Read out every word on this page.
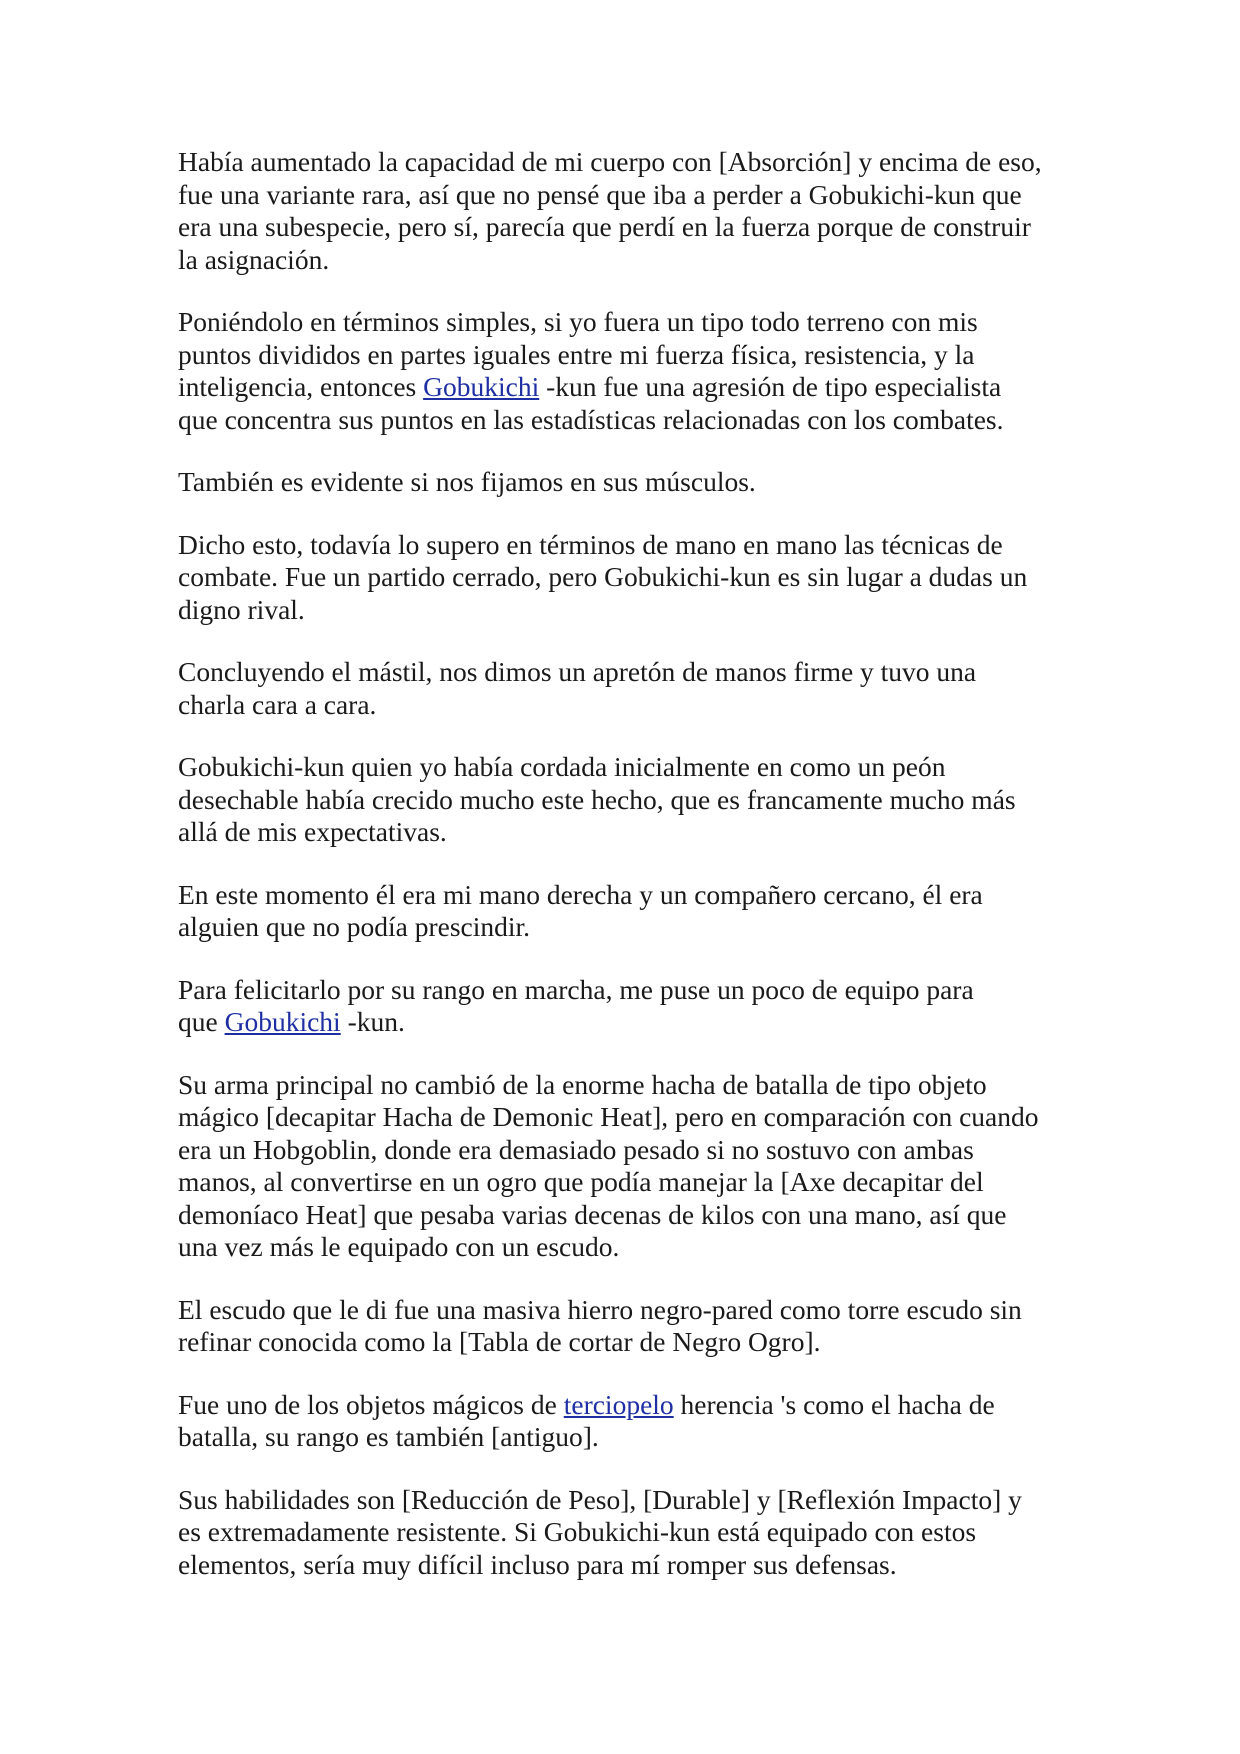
Había aumentado la capacidad de mi cuerpo con [Absorción] y encima de eso,
fue una variante rara, así que no pensé que iba a perder a Gobukichi-kun que
era una subespecie, pero sí, parecía que perdí en la fuerza porque de construir
la asignación.

Poniéndolo en términos simples, si yo fuera un tipo todo terreno con mis
puntos divididos en partes iguales entre mi fuerza física, resistencia, y la
inteligencia, entonces Gobukichi -kun fue una agresión de tipo especialista
que concentra sus puntos en las estadísticas relacionadas con los combates.

También es evidente si nos fijamos en sus músculos.

Dicho esto, todavía lo supero en términos de mano en mano las técnicas de
combate. Fue un partido cerrado, pero Gobukichi-kun es sin lugar a dudas un
digno rival.

Concluyendo el mástil, nos dimos un apretón de manos firme y tuvo una
charla cara a cara.

Gobukichi-kun quien yo había cordada inicialmente en como un peón
desechable había crecido mucho este hecho, que es francamente mucho más
allá de mis expectativas.

En este momento él era mi mano derecha y un compañero cercano, él era
alguien que no podía prescindir.

Para felicitarlo por su rango en marcha, me puse un poco de equipo para
que Gobukichi -kun.

Su arma principal no cambió de la enorme hacha de batalla de tipo objeto
mágico [decapitar Hacha de Demonic Heat], pero en comparación con cuando
era un Hobgoblin, donde era demasiado pesado si no sostuvo con ambas
manos, al convertirse en un ogro que podía manejar la [Axe decapitar del
demoníaco Heat] que pesaba varias decenas de kilos con una mano, así que
una vez más le equipado con un escudo.

El escudo que le di fue una masiva hierro negro-pared como torre escudo sin
refinar conocida como la [Tabla de cortar de Negro Ogro].

Fue uno de los objetos mágicos de terciopelo herencia 's como el hacha de
batalla, su rango es también [antiguo].

Sus habilidades son [Reducción de Peso], [Durable] y [Reflexión Impacto] y
es extremadamente resistente. Si Gobukichi-kun está equipado con estos
elementos, sería muy difícil incluso para mí romper sus defensas.
